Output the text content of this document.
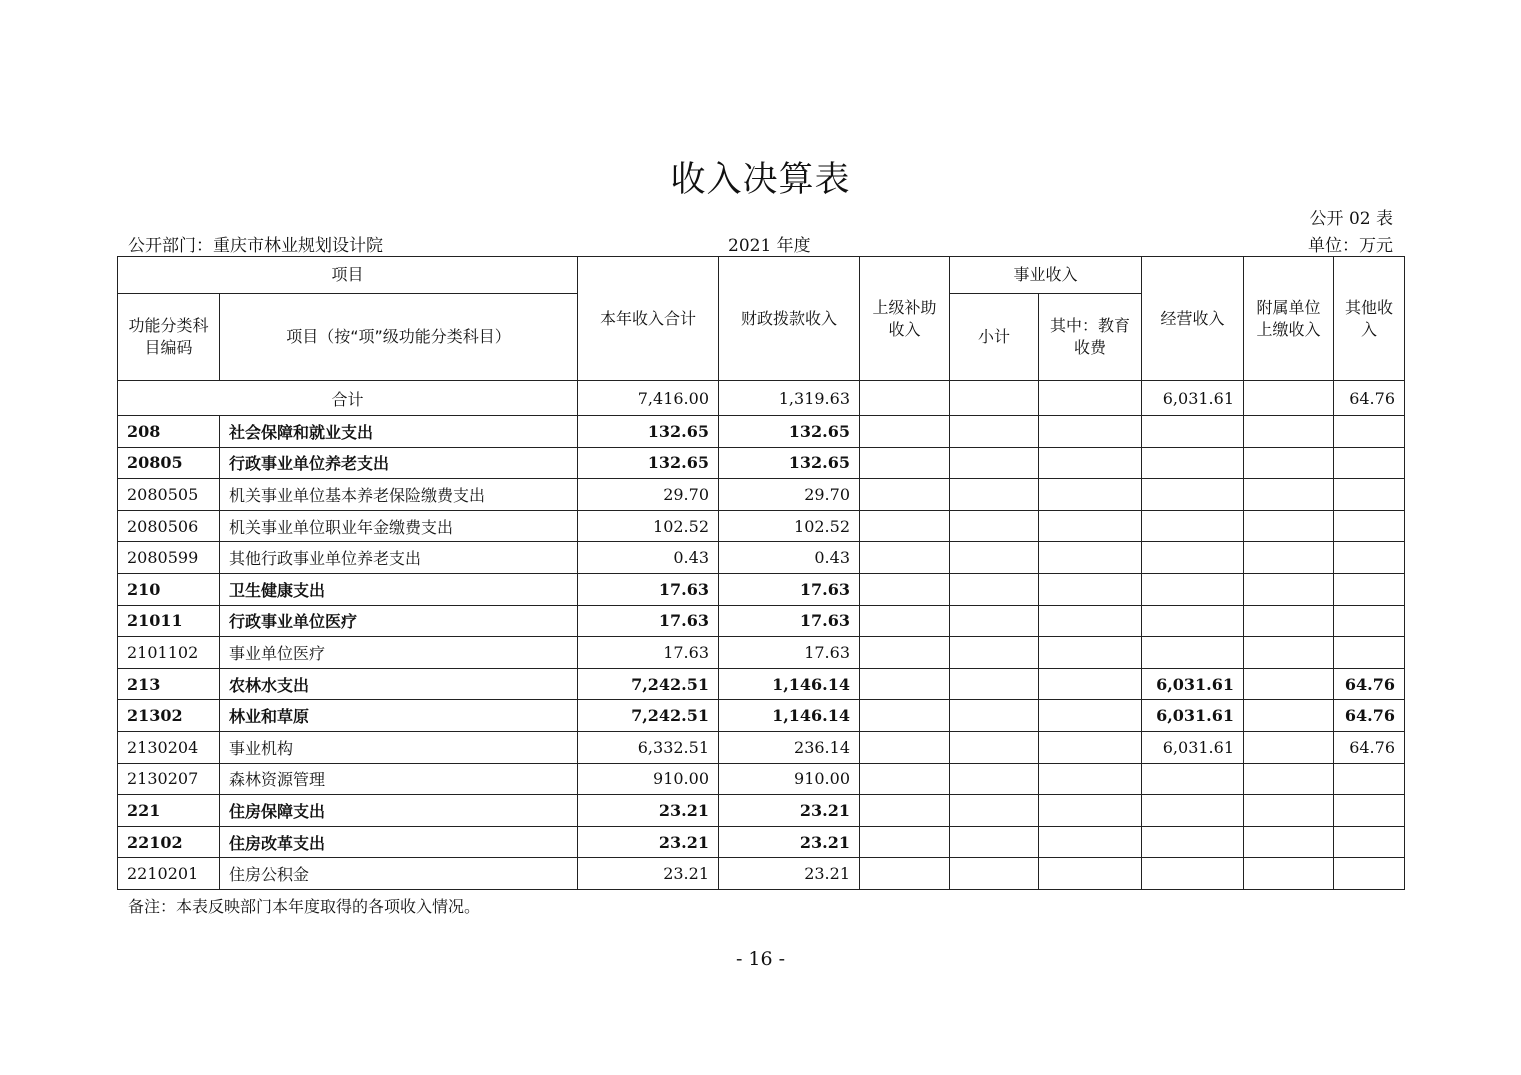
收入决算表
公开 02 表
公开部门：重庆市林业规划设计院	2021 年度	单位：万元
项目		本年收入合计	财政拨款收入	上级补助收入	事业收入		经营收入	附属单位上缴收入	其他收入
功能分类科目编码	项目（按“项”级功能分类科目）				小计	其中：教育收费			

合计		7,416.00	1,319.63				6,031.61		64.76
208	社会保障和就业支出	132.65	132.65						
20805	行政事业单位养老支出	132.65	132.65						
2080505	机关事业单位基本养老保险缴费支出	29.70	29.70						
2080506	机关事业单位职业年金缴费支出	102.52	102.52						
2080599	其他行政事业单位养老支出	0.43	0.43						
210	卫生健康支出	17.63	17.63						
21011	行政事业单位医疗	17.63	17.63						
2101102	事业单位医疗	17.63	17.63						
213	农林水支出	7,242.51	1,146.14				6,031.61		64.76
21302	林业和草原	7,242.51	1,146.14				6,031.61		64.76
2130204	事业机构	6,332.51	236.14				6,031.61		64.76
2130207	森林资源管理	910.00	910.00						
221	住房保障支出	23.21	23.21						
22102	住房改革支出	23.21	23.21						
2210201	住房公积金	23.21	23.21						
备注：本表反映部门本年度取得的各项收入情况。
- 16 -
